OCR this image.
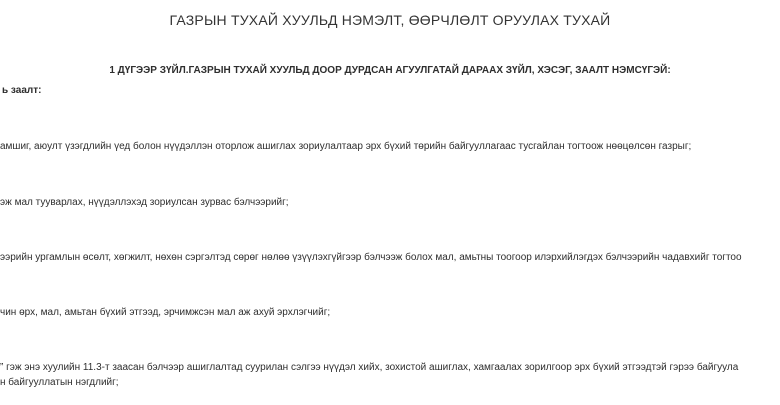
ГАЗРЫН ТУХАЙ ХУУЛЬД НЭМЭЛТ, ӨӨРЧЛӨЛТ ОРУУЛАХ ТУХАЙ
1 ДҮГЭЭР ЗҮЙЛ.ГАЗРЫН ТУХАЙ ХУУЛЬД ДООР ДУРДСАН АГУУЛГАТАЙ ДАРААХ ЗҮЙЛ, ХЭСЭГ, ЗААЛТ НЭМСҮГЭЙ:
ь заалт:
амшиг, аюулт үзэгдлийн үед болон нүүдэллэн оторлож ашиглах зориулалтаар эрх бүхий төрийн байгууллагаас тусгайлан тогтоож нөөцөлсөн газрыг;
эж мал тууварлах, нүүдэллэхэд зориулсан зурвас бэлчээрийг;
ээрийн ургамлын өсөлт, хөгжилт, нөхөн сэргэлтэд сөрөг нөлөө үзүүлэхгүйгээр бэлчээж болох мал, амьтны тоогоор илэрхийлэгдэх бэлчээрийн чадавхийг тогтоо
чин өрх, мал, амьтан бүхий этгээд, эрчимжсэн мал аж ахуй эрхлэгчийг;
” гэж энэ хуулийн 11.3-т заасан бэлчээр ашиглалтад суурилан сэлгээ нүүдэл хийх, зохистой ашиглах, хамгаалах зорилгоор эрх бүхий этгээдтэй гэрээ байгуула
н байгууллатын нэгдлийг;
